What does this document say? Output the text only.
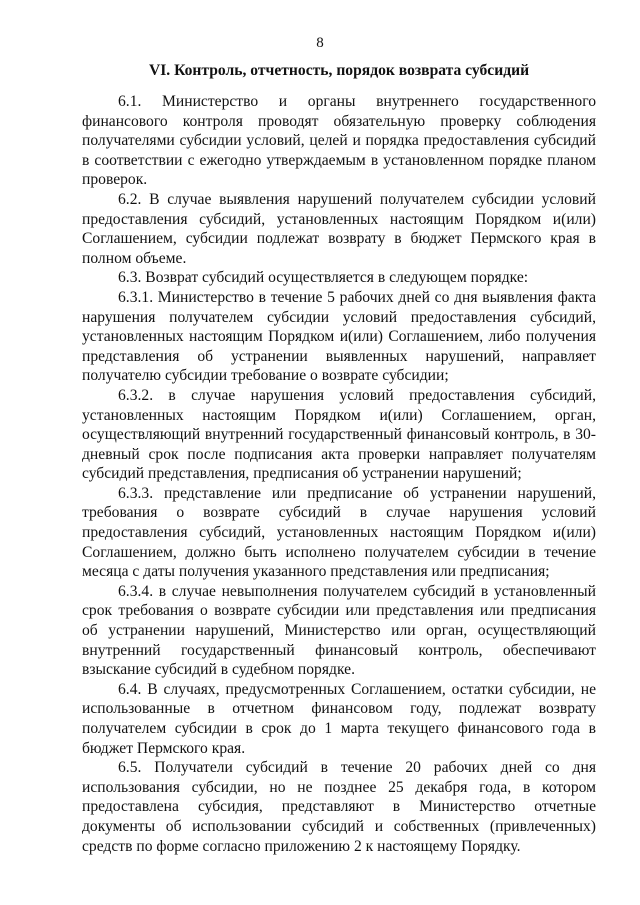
8
VI. Контроль, отчетность, порядок возврата субсидий

6.1. Министерство и органы внутреннего государственного финансового контроля проводят обязательную проверку соблюдения получателями субсидии условий, целей и порядка предоставления субсидий в соответствии с ежегодно утверждаемым в установленном порядке планом проверок.

6.2. В случае выявления нарушений получателем субсидии условий предоставления субсидий, установленных настоящим Порядком и(или) Соглашением, субсидии подлежат возврату в бюджет Пермского края в полном объеме.

6.3. Возврат субсидий осуществляется в следующем порядке:

6.3.1. Министерство в течение 5 рабочих дней со дня выявления факта нарушения получателем субсидии условий предоставления субсидий, установленных настоящим Порядком и(или) Соглашением, либо получения представления об устранении выявленных нарушений, направляет получателю субсидии требование о возврате субсидии;

6.3.2. в случае нарушения условий предоставления субсидий, установленных настоящим Порядком и(или) Соглашением, орган, осуществляющий внутренний государственный финансовый контроль, в 30-дневный срок после подписания акта проверки направляет получателям субсидий представления, предписания об устранении нарушений;

6.3.3. представление или предписание об устранении нарушений, требования о возврате субсидий в случае нарушения условий предоставления субсидий, установленных настоящим Порядком и(или) Соглашением, должно быть исполнено получателем субсидии в течение месяца с даты получения указанного представления или предписания;

6.3.4. в случае невыполнения получателем субсидий в установленный срок требования о возврате субсидии или представления или предписания об устранении нарушений, Министерство или орган, осуществляющий внутренний государственный финансовый контроль, обеспечивают взыскание субсидий в судебном порядке.

6.4. В случаях, предусмотренных Соглашением, остатки субсидии, не использованные в отчетном финансовом году, подлежат возврату получателем субсидии в срок до 1 марта текущего финансового года в бюджет Пермского края.

6.5. Получатели субсидий в течение 20 рабочих дней со дня использования субсидии, но не позднее 25 декабря года, в котором предоставлена субсидия, представляют в Министерство отчетные документы об использовании субсидий и собственных (привлеченных) средств по форме согласно приложению 2 к настоящему Порядку.
